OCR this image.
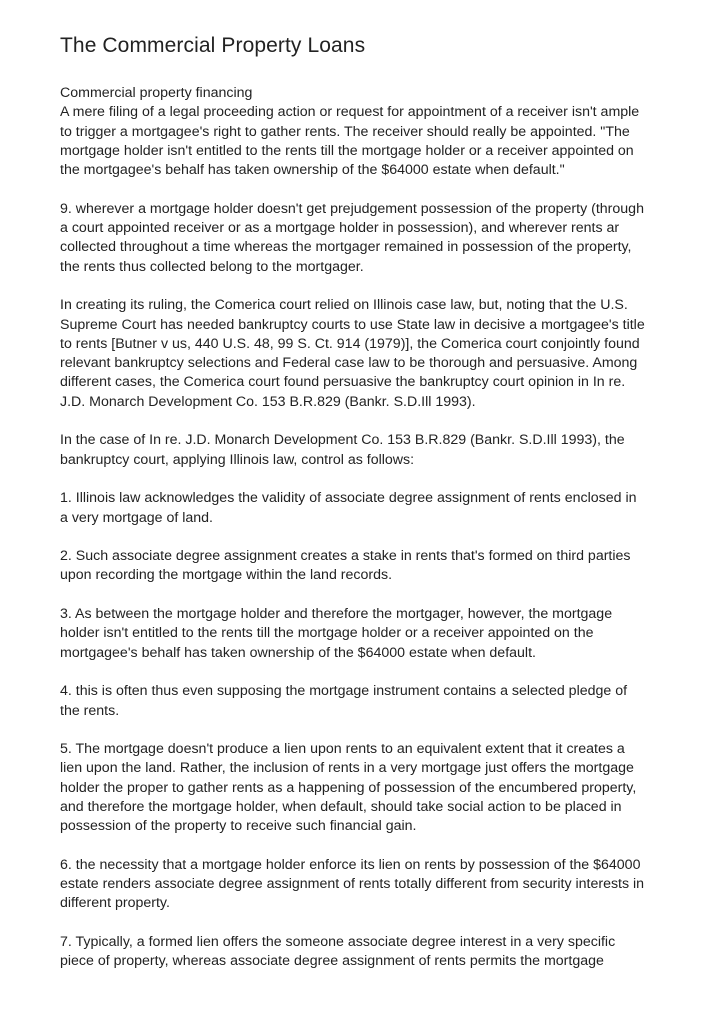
The Commercial Property Loans

Commercial property financing
A mere filing of a legal proceeding action or request for appointment of a receiver isn't ample
to trigger a mortgagee's right to gather rents. The receiver should really be appointed. "The
mortgage holder isn't entitled to the rents till the mortgage holder or a receiver appointed on
the mortgagee's behalf has taken ownership of the $64000 estate when default."

9. wherever a mortgage holder doesn't get prejudgement possession of the property (through
a court appointed receiver or as a mortgage holder in possession), and wherever rents ar
collected throughout a time whereas the mortgager remained in possession of the property,
the rents thus collected belong to the mortgager.

In creating its ruling, the Comerica court relied on Illinois case law, but, noting that the U.S.
Supreme Court has needed bankruptcy courts to use State law in decisive a mortgagee's title
to rents [Butner v us, 440 U.S. 48, 99 S. Ct. 914 (1979)], the Comerica court conjointly found
relevant bankruptcy selections and Federal case law to be thorough and persuasive. Among
different cases, the Comerica court found persuasive the bankruptcy court opinion in In re.
J.D. Monarch Development Co. 153 B.R.829 (Bankr. S.D.Ill 1993).

In the case of In re. J.D. Monarch Development Co. 153 B.R.829 (Bankr. S.D.Ill 1993), the
bankruptcy court, applying Illinois law, control as follows:

1. Illinois law acknowledges the validity of associate degree assignment of rents enclosed in
a very mortgage of land.

2. Such associate degree assignment creates a stake in rents that's formed on third parties
upon recording the mortgage within the land records.

3. As between the mortgage holder and therefore the mortgager, however, the mortgage
holder isn't entitled to the rents till the mortgage holder or a receiver appointed on the
mortgagee's behalf has taken ownership of the $64000 estate when default.

4. this is often thus even supposing the mortgage instrument contains a selected pledge of
the rents.

5. The mortgage doesn't produce a lien upon rents to an equivalent extent that it creates a
lien upon the land. Rather, the inclusion of rents in a very mortgage just offers the mortgage
holder the proper to gather rents as a happening of possession of the encumbered property,
and therefore the mortgage holder, when default, should take social action to be placed in
possession of the property to receive such financial gain.

6. the necessity that a mortgage holder enforce its lien on rents by possession of the $64000
estate renders associate degree assignment of rents totally different from security interests in
different property.

7. Typically, a formed lien offers the someone associate degree interest in a very specific
piece of property, whereas associate degree assignment of rents permits the mortgage
